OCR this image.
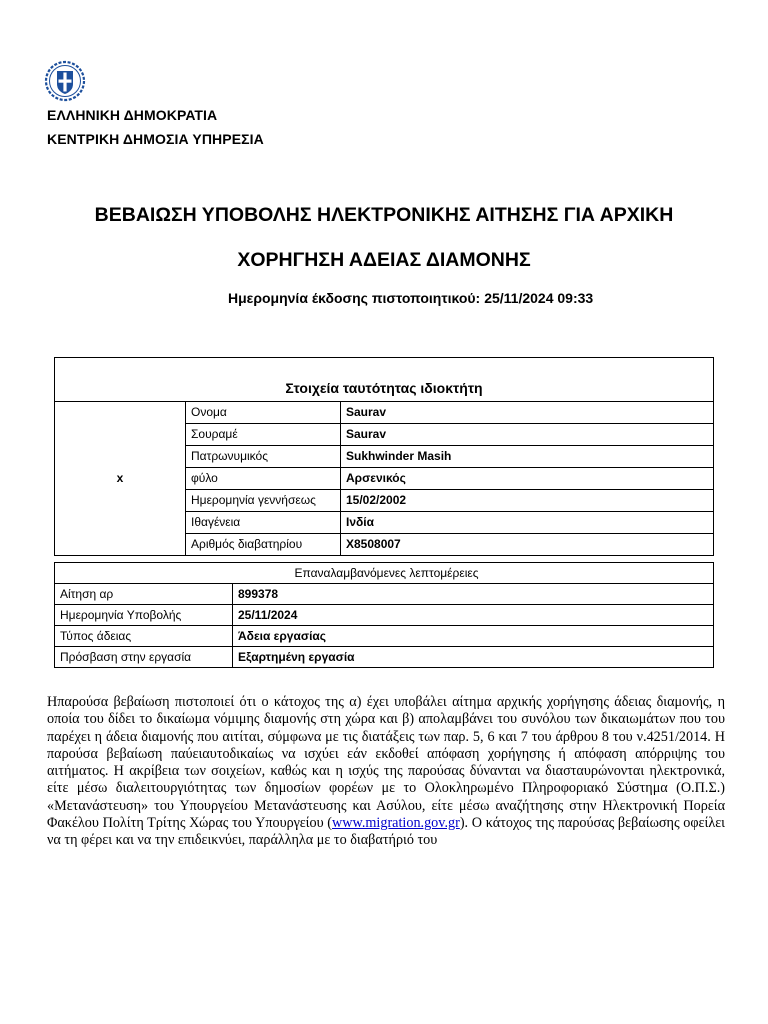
ΕΛΛΗΝΙΚΗ ΔΗΜΟΚΡΑΤΙΑ
ΚΕΝΤΡΙΚΗ ΔΗΜΟΣΙΑ ΥΠΗΡΕΣΙΑ
ΒΕΒΑΙΩΣΗ ΥΠΟΒΟΛΗΣ ΗΛΕΚΤΡΟΝΙΚΗΣ ΑΙΤΗΣΗΣ ΓΙΑ ΑΡΧΙΚΗ
ΧΟΡΗΓΗΣΗ ΑΔΕΙΑΣ ΔΙΑΜΟΝΗΣ
Ημερομηνία έκδοσης πιστοποιητικού: 25/11/2024 09:33
Στοιχεία ταυτότητας ιδιοκτήτη
x	Ονομα	Saurav
	Σουραμέ	Saurav
	Πατρωνυμικός	Sukhwinder Masih
	φύλο	Αρσενικός
	Ημερομηνία γεννήσεως	15/02/2002
	Ιθαγένεια	Ινδία
	Αριθμός διαβατηρίου	X8508007
Επαναλαμβανόμενες λεπτομέρειες	
Αίτηση αρ	899378
Ημερομηνία Υποβολής	25/11/2024
Τύπος άδειας	Άδεια εργασίας
Πρόσβαση στην εργασία	Εξαρτημένη εργασία
Ηπαρούσα βεβαίωση πιστοποιεί ότι ο κάτοχος της α) έχει υποβάλει αίτημα αρχικής χορήγησης άδειας διαμονής, η οποία του δίδει το δικαίωμα νόμιμης διαμονής στη χώρα και β) απολαμβάνει του συνόλου των δικαιωμάτων που του παρέχει η άδεια διαμονής που αιτίται, σύμφωνα με τις διατάξεις των παρ. 5, 6 και 7 του άρθρου 8 του ν.4251/2014. Η παρούσα βεβαίωση παύειαυτοδικαίως να ισχύει εάν εκδοθεί απόφαση χορήγησης ή απόφαση απόρριψης του αιτήματος. Η ακρίβεια των σοιχείων, καθώς και η ισχύς της παρούσας δύνανται να διασταυρώνονται ηλεκτρονικά, είτε μέσω διαλειτουργιότητας των δημοσίων φορέων με το Ολοκληρωμένο Πληροφοριακό Σύστημα (Ο.Π.Σ.) «Μετανάστευση» του Υπουργείου Μετανάστευσης και Ασύλου, είτε μέσω αναζήτησης στην Ηλεκτρονική Πορεία Φακέλου Πολίτη Τρίτης Χώρας του Υπουργείου (www.migration.gov.gr). Ο κάτοχος της παρούσας βεβαίωσης οφείλει να τη φέρει και να την επιδεικνύει, παράλληλα με το διαβατήριό του
